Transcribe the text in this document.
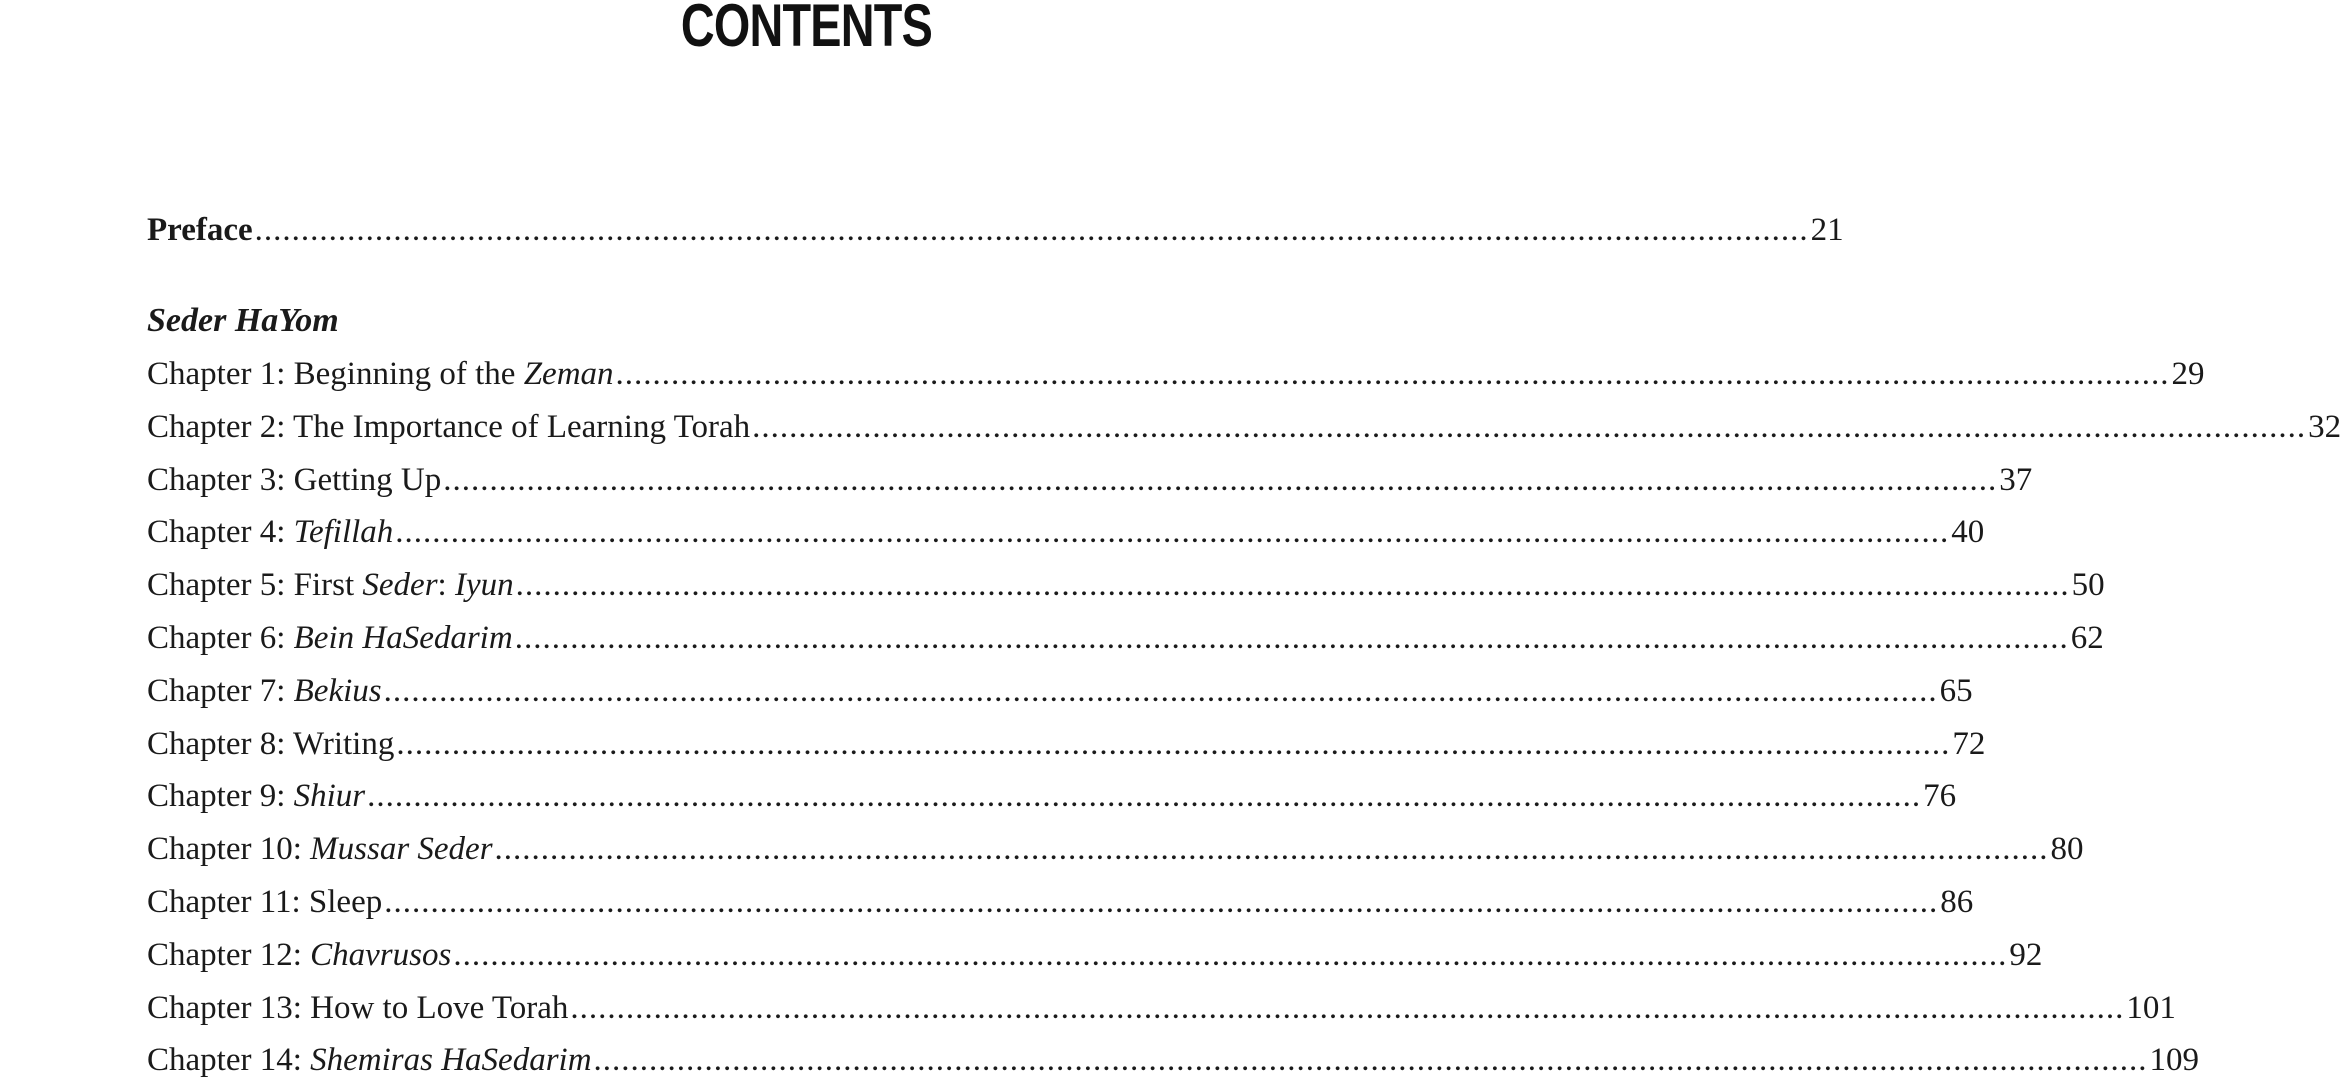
CONTENTS
Preface ........................................................................................................................................................................ 21
Seder HaYom
Chapter 1: Beginning of the Zeman ........................................................................................................................................................................ 29
Chapter 2: The Importance of Learning Torah ........................................................................................................................................................................ 32
Chapter 3: Getting Up ........................................................................................................................................................................ 37
Chapter 4: Tefillah ........................................................................................................................................................................ 40
Chapter 5: First Seder: Iyun ........................................................................................................................................................................ 50
Chapter 6: Bein HaSedarim ........................................................................................................................................................................ 62
Chapter 7: Bekius ........................................................................................................................................................................ 65
Chapter 8: Writing ........................................................................................................................................................................ 72
Chapter 9: Shiur ........................................................................................................................................................................ 76
Chapter 10: Mussar Seder ........................................................................................................................................................................ 80
Chapter 11: Sleep ........................................................................................................................................................................ 86
Chapter 12: Chavrusos ........................................................................................................................................................................ 92
Chapter 13: How to Love Torah ........................................................................................................................................................................ 101
Chapter 14: Shemiras HaSedarim ........................................................................................................................................................................ 109
